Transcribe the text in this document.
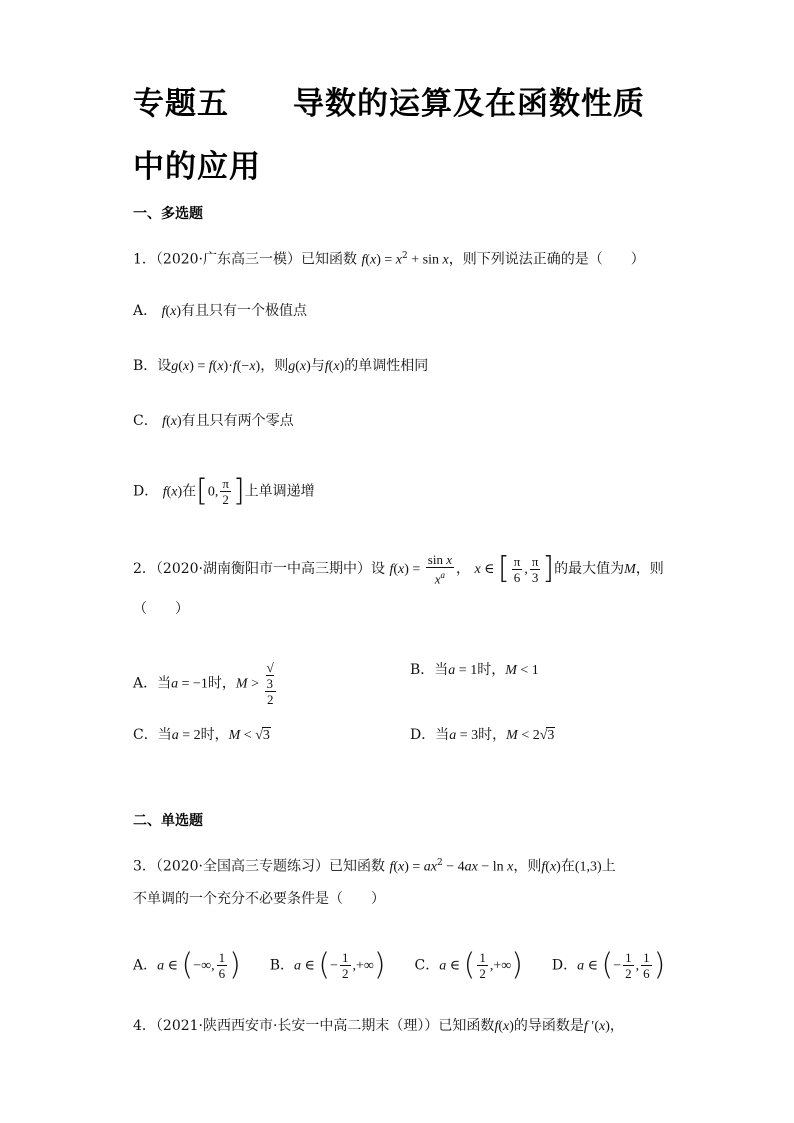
专题五　　导数的运算及在函数性质
中的应用
一、多选题
1．（2020·广东高三一模）已知函数 $f(x) = x^2 + \sin x$，则下列说法正确的是（　　）
A． f(x)有且只有一个极值点
B．设g(x) = f(x)·f(−x)，则g(x)与f(x)的单调性相同
C． f(x)有且只有两个零点
D． f(x)在[0, $\frac{\pi}{2}$ ]上单调递增
2．（2020·湖南衡阳市一中高三期中）设 $f(x) = \frac{\text{sin x}}{x^a}$ ， x ∈ [ $\frac{\pi}{6}$ , $\frac{\pi}{3}$ ]的最大值为M，则
（　　）
A．当a = −1时，M > √
3
2	B．当a = 1时，M < 1
C．当a = 2时，M < √3	D．当a = 3时，M < 2√3
二、单选题
3．（2020·全国高三专题练习）已知函数 $f(x) = ax^2 - 4ax - \ln x$，则f(x)在(1,3)上
不单调的一个充分不必要条件是（　　）
A．a ∈ (−∞, $\frac{1}{6}$ ) B．a ∈ (− $\frac{1}{2}$ ,+∞) C．a ∈ ( $\frac{1}{2}$ ,+∞) D．a ∈ (− $\frac{1}{2}$ , $\frac{1}{6}$ )
4．（2021·陕西西安市·长安一中高二期末（理））已知函数f(x)的导函数是f ′(x)，
